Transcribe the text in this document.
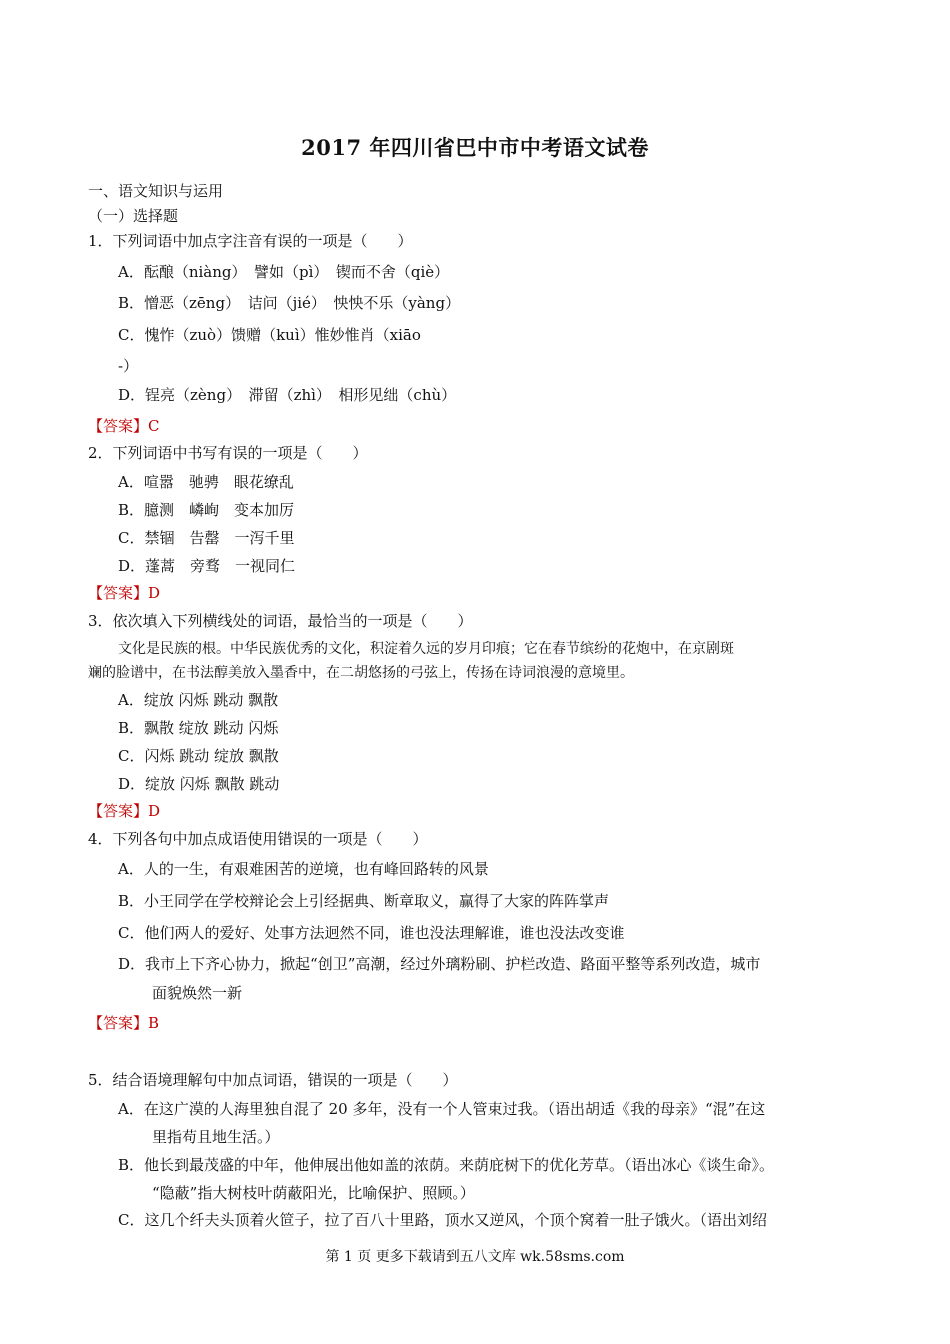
2017 年四川省巴中市中考语文试卷
一、语文知识与运用
（一）选择题
1．下列词语中加点字注音有误的一项是（　　）
A．酝酿（niàng）　譬如（pì）　锲而不舍（qiè）
B．憎恶（zēng）　诘问（jié）　怏怏不乐（yàng）
C．愧怍（zuò）馈赠（kuì）惟妙惟肖（xiāo
-）
D．锃亮（zèng）　滞留（zhì）　相形见绌（chù）
【答案】C
2．下列词语中书写有误的一项是（　　）
A．喧嚣　驰骋　眼花缭乱
B．臆测　嶙峋　变本加厉
C．禁锢　告罄　一泻千里
D．蓬蒿　旁骛　一视同仁
【答案】D
3．依次填入下列横线处的词语，最恰当的一项是（　　）
文化是民族的根。中华民族优秀的文化，积淀着久远的岁月印痕；它在春节缤纷的花炮中，在京剧斑
斓的脸谱中，在书法醇美放入墨香中，在二胡悠扬的弓弦上，传扬在诗词浪漫的意境里。
A．绽放 闪烁 跳动 飘散
B．飘散 绽放 跳动 闪烁
C．闪烁 跳动 绽放 飘散
D．绽放 闪烁 飘散 跳动
【答案】D
4．下列各句中加点成语使用错误的一项是（　　）
A．人的一生，有艰难困苦的逆境，也有峰回路转的风景
B．小王同学在学校辩论会上引经据典、断章取义，赢得了大家的阵阵掌声
C．他们两人的爱好、处事方法迥然不同，谁也没法理解谁，谁也没法改变谁
D．我市上下齐心协力，掀起“创卫”高潮，经过外璃粉刷、护栏改造、路面平整等系列改造，城市
面貌焕然一新
【答案】B
5．结合语境理解句中加点词语，错误的一项是（　　）
A．在这广漠的人海里独自混了 20 多年，没有一个人管束过我。（语出胡适《我的母亲》“混”在这
里指苟且地生活。）
B．他长到最茂盛的中年，他伸展出他如盖的浓荫。来荫庇树下的优化芳草。（语出冰心《谈生命》。
“隐蔽”指大树枝叶荫蔽阳光，比喻保护、照顾。）
C．这几个纤夫头顶着火笸子，拉了百八十里路，顶水又逆风，个顶个窝着一肚子饿火。（语出刘绍
第 1 页 更多下载请到五八文库 wk.58sms.com
